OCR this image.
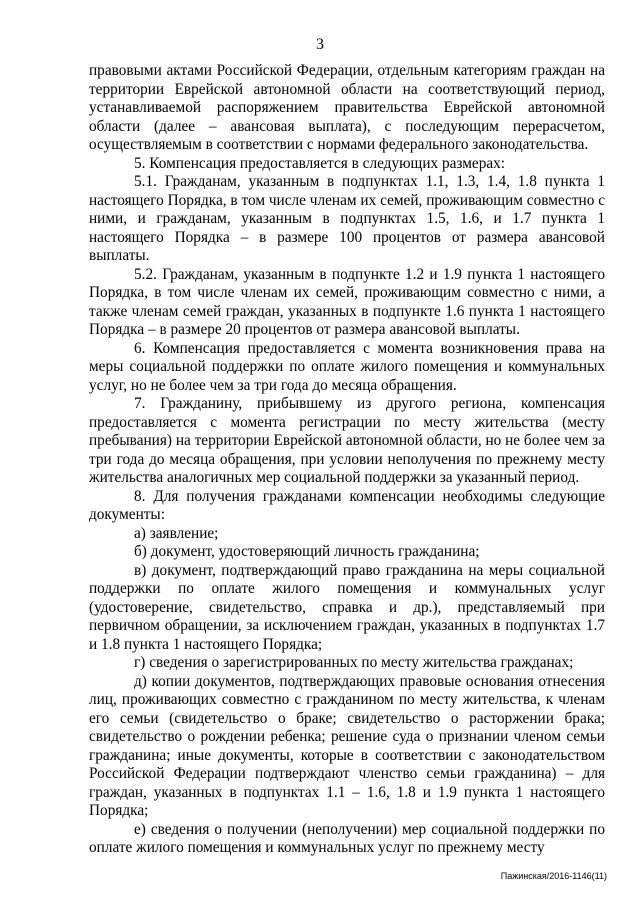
3

правовыми актами Российской Федерации, отдельным категориям граждан на территории Еврейской автономной области на соответствующий период, устанавливаемой распоряжением правительства Еврейской автономной области (далее – авансовая выплата), с последующим перерасчетом, осуществляемым в соответствии с нормами федерального законодательства.

5. Компенсация предоставляется в следующих размерах:

5.1. Гражданам, указанным в подпунктах 1.1, 1.3, 1.4, 1.8 пункта 1 настоящего Порядка, в том числе членам их семей, проживающим совместно с ними, и гражданам, указанным в подпунктах 1.5, 1.6, и 1.7 пункта 1 настоящего Порядка – в размере 100 процентов от размера авансовой выплаты.

5.2. Гражданам, указанным в подпункте 1.2 и 1.9 пункта 1 настоящего Порядка, в том числе членам их семей, проживающим совместно с ними, а также членам семей граждан, указанных в подпункте 1.6 пункта 1 настоящего Порядка – в размере 20 процентов от размера авансовой выплаты.

6. Компенсация предоставляется с момента возникновения права на меры социальной поддержки по оплате жилого помещения и коммунальных услуг, но не более чем за три года до месяца обращения.

7. Гражданину, прибывшему из другого региона, компенсация предоставляется с момента регистрации по месту жительства (месту пребывания) на территории Еврейской автономной области, но не более чем за три года до месяца обращения, при условии неполучения по прежнему месту жительства аналогичных мер социальной поддержки за указанный период.

8. Для получения гражданами компенсации необходимы следующие документы:

а) заявление;

б) документ, удостоверяющий личность гражданина;

в) документ, подтверждающий право гражданина на меры социальной поддержки по оплате жилого помещения и коммунальных услуг (удостоверение, свидетельство, справка и др.), представляемый при первичном обращении, за исключением граждан, указанных в подпунктах 1.7 и 1.8 пункта 1 настоящего Порядка;

г) сведения о зарегистрированных по месту жительства гражданах;

д) копии документов, подтверждающих правовые основания отнесения лиц, проживающих совместно с гражданином по месту жительства, к членам его семьи (свидетельство о браке; свидетельство о расторжении брака; свидетельство о рождении ребенка; решение суда о признании членом семьи гражданина; иные документы, которые в соответствии с законодательством Российской Федерации подтверждают членство семьи гражданина) – для граждан, указанных в подпунктах 1.1 – 1.6, 1.8 и 1.9 пункта 1 настоящего Порядка;

е) сведения о получении (неполучении) мер социальной поддержки по оплате жилого помещения и коммунальных услуг по прежнему месту

Пажинская/2016-1146(11)
